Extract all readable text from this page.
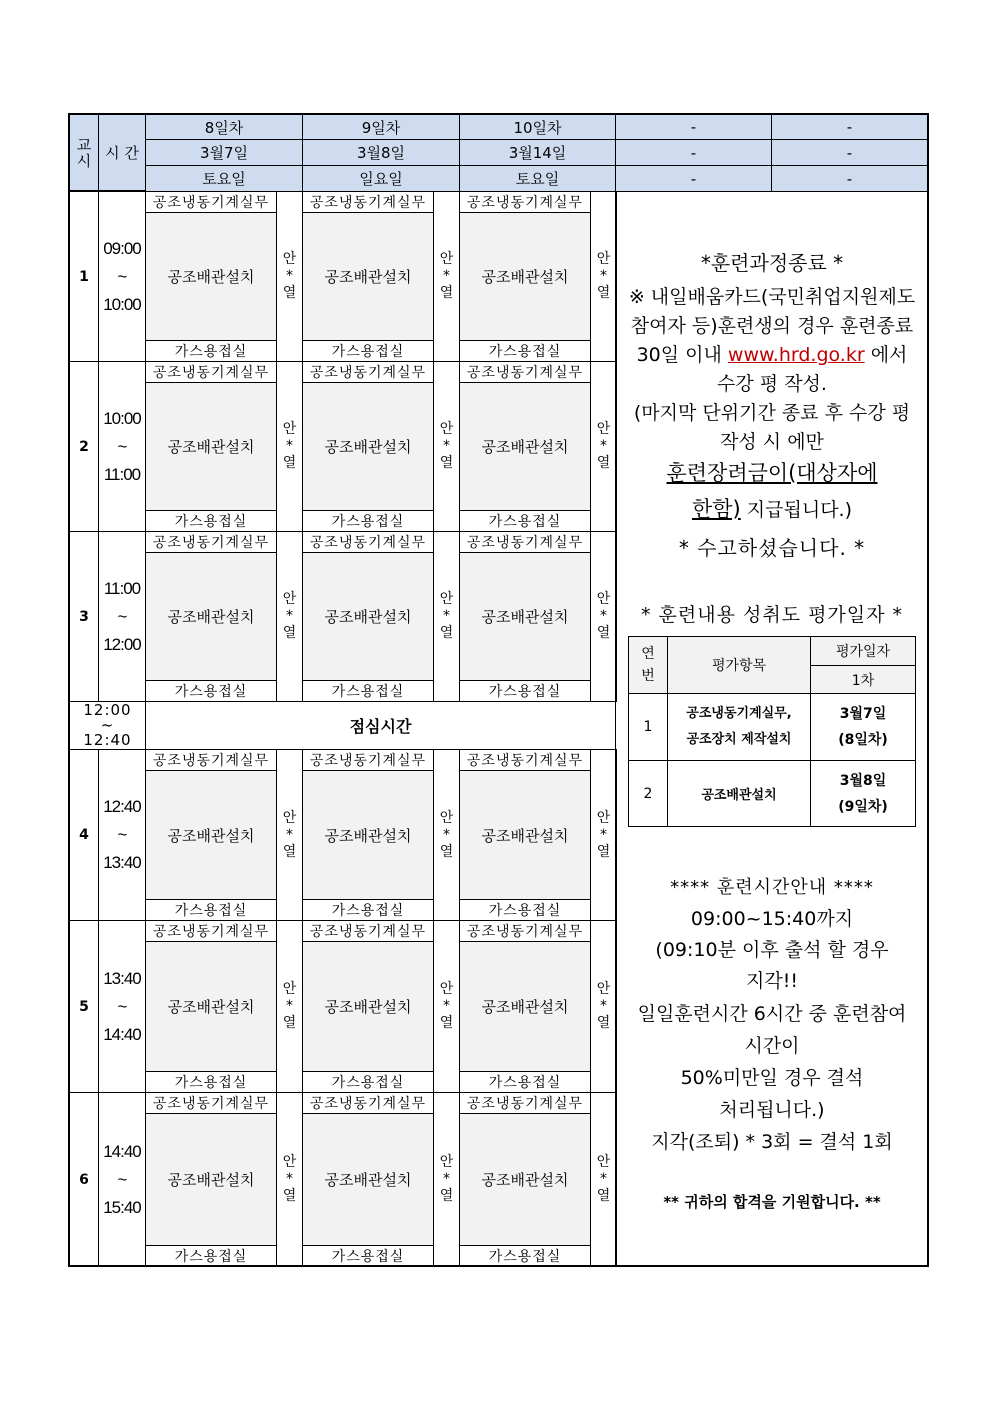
교
시 시 간
8일차
3월7일
토요일
9일차
3월8일
일요일
10일차
3월14일
토요일
-
-
-
-
-
-
1
09:00
~
10:00
공조냉동기계실무
공조배관설치
가스용접실
안
*
열
공조냉동기계실무
공조배관설치
가스용접실
안
*
열
공조냉동기계실무
공조배관설치
가스용접실
안
*
열
2
10:00
~
11:00
공조냉동기계실무
공조배관설치
가스용접실
안
*
열
공조냉동기계실무
공조배관설치
가스용접실
안
*
열
공조냉동기계실무
공조배관설치
가스용접실
안
*
열
3
11:00
~
12:00
공조냉동기계실무
공조배관설치
가스용접실
안
*
열
공조냉동기계실무
공조배관설치
가스용접실
안
*
열
공조냉동기계실무
공조배관설치
가스용접실
안
*
열
4
12:40
~
13:40
공조냉동기계실무
공조배관설치
가스용접실
안
*
열
공조냉동기계실무
공조배관설치
가스용접실
안
*
열
공조냉동기계실무
공조배관설치
가스용접실
안
*
열
5
13:40
~
14:40
공조냉동기계실무
공조배관설치
가스용접실
안
*
열
공조냉동기계실무
공조배관설치
가스용접실
안
*
열
공조냉동기계실무
공조배관설치
가스용접실
안
*
열
6
14:40
~
15:40
공조냉동기계실무
공조배관설치
가스용접실
안
*
열
공조냉동기계실무
공조배관설치
가스용접실
안
*
열
공조냉동기계실무
공조배관설치
가스용접실
안
*
열
12:00
~
12:40
점심시간
*훈련과정종료 *
※ 내일배움카드(국민취업지원제도
참여자 등)훈련생의 경우 훈련종료
30일 이내 www.hrd.go.kr 에서
수강 평 작성.
(마지막 단위기간 종료 후 수강 평
작성 시 에만
훈련장려금이(대상자에
한함) 지급됩니다.)
* 수고하셨습니다. *
* 훈련내용 성취도 평가일자 *
연
번
평가항목
평가일자
1차
1
공조냉동기계실무,
공조장치 제작설치
3월7일
(8일차)
2	공조배관설치
3월8일
(9일차)
**** 훈련시간안내 ****
09:00~15:40까지
(09:10분 이후 출석 할 경우
지각!!
일일훈련시간 6시간 중 훈련참여
시간이
50%미만일 경우 결석
처리됩니다.)
지각(조퇴) * 3회 = 결석 1회
** 귀하의 합격을 기원합니다. **
